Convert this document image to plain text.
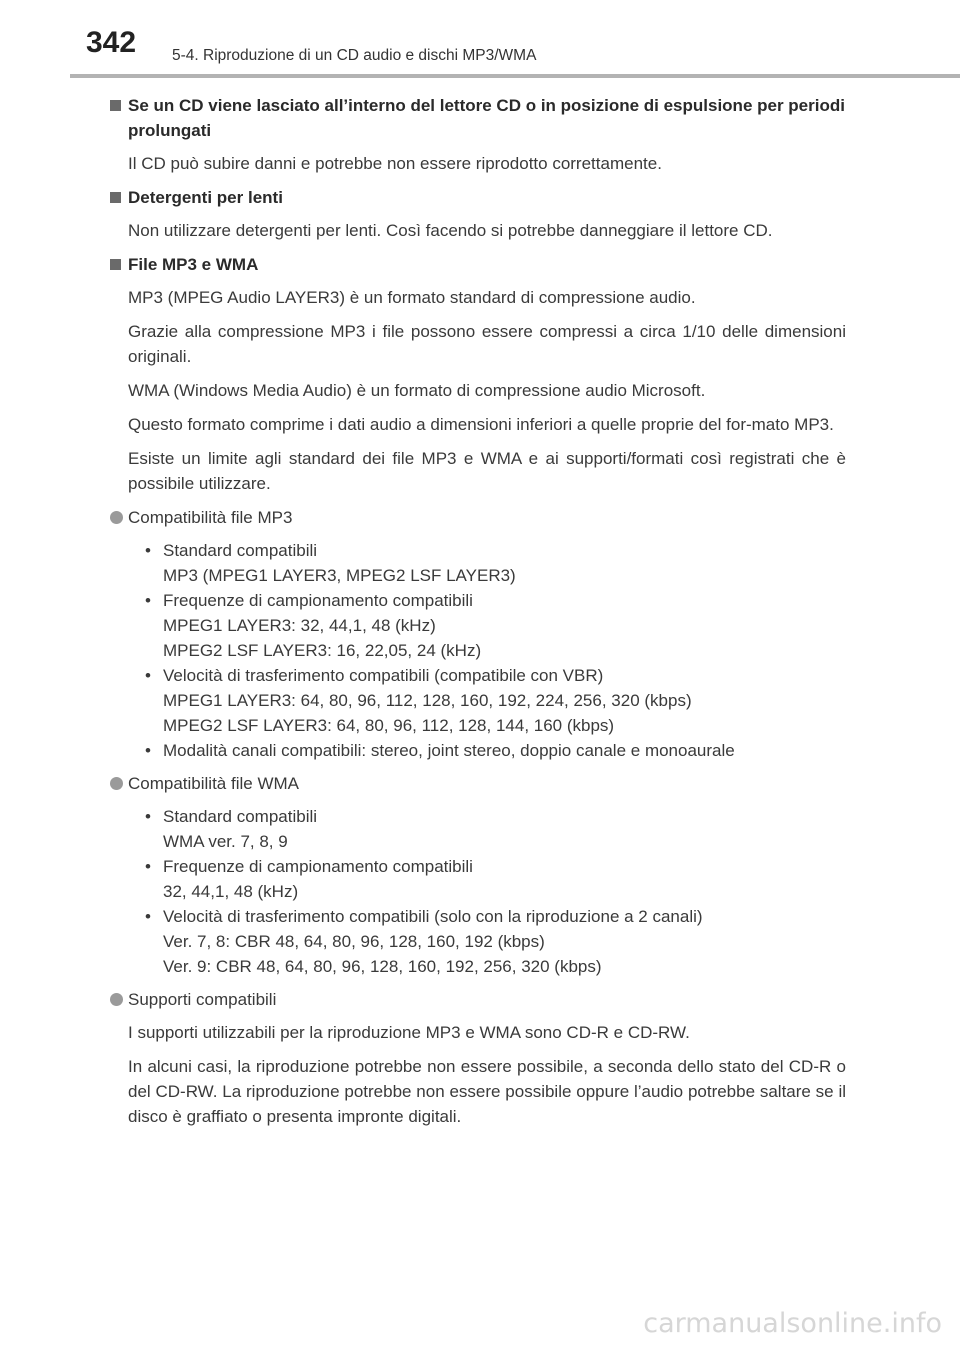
342 5-4. Riproduzione di un CD audio e dischi MP3/WMA
Se un CD viene lasciato all’interno del lettore CD o in posizione di espulsione per periodi prolungati
Il CD può subire danni e potrebbe non essere riprodotto correttamente.
Detergenti per lenti
Non utilizzare detergenti per lenti. Così facendo si potrebbe danneggiare il lettore CD.
File MP3 e WMA
MP3 (MPEG Audio LAYER3) è un formato standard di compressione audio.
Grazie alla compressione MP3 i file possono essere compressi a circa 1/10 delle dimensioni originali.
WMA (Windows Media Audio) è un formato di compressione audio Microsoft.
Questo formato comprime i dati audio a dimensioni inferiori a quelle proprie del for-mato MP3.
Esiste un limite agli standard dei file MP3 e WMA e ai supporti/formati così registrati che è possibile utilizzare.
Compatibilità file MP3
• Standard compatibili
MP3 (MPEG1 LAYER3, MPEG2 LSF LAYER3)
• Frequenze di campionamento compatibili
MPEG1 LAYER3: 32, 44,1, 48 (kHz)
MPEG2 LSF LAYER3: 16, 22,05, 24 (kHz)
• Velocità di trasferimento compatibili (compatibile con VBR)
MPEG1 LAYER3: 64, 80, 96, 112, 128, 160, 192, 224, 256, 320 (kbps)
MPEG2 LSF LAYER3: 64, 80, 96, 112, 128, 144, 160 (kbps)
• Modalità canali compatibili: stereo, joint stereo, doppio canale e monoaurale
Compatibilità file WMA
• Standard compatibili
WMA ver. 7, 8, 9
• Frequenze di campionamento compatibili
32, 44,1, 48 (kHz)
• Velocità di trasferimento compatibili (solo con la riproduzione a 2 canali)
Ver. 7, 8: CBR 48, 64, 80, 96, 128, 160, 192 (kbps)
Ver. 9: CBR 48, 64, 80, 96, 128, 160, 192, 256, 320 (kbps)
Supporti compatibili
I supporti utilizzabili per la riproduzione MP3 e WMA sono CD-R e CD-RW.
In alcuni casi, la riproduzione potrebbe non essere possibile, a seconda dello stato del CD-R o del CD-RW. La riproduzione potrebbe non essere possibile oppure l’audio potrebbe saltare se il disco è graffiato o presenta impronte digitali.
carmanualsonline.info
